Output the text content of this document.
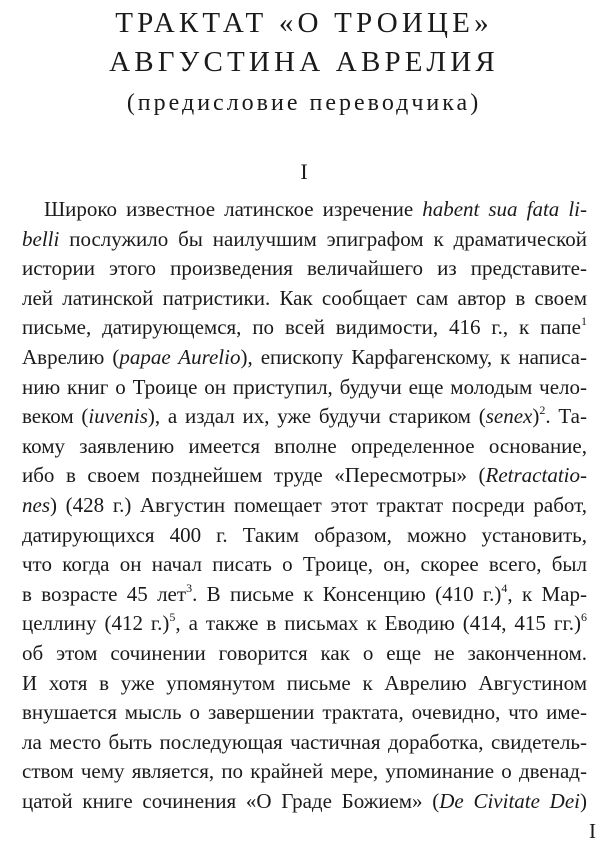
ТРАКТАТ «О ТРОИЦЕ»
АВГУСТИНА АВРЕЛИЯ
(предисловие переводчика)
I
Широко известное латинское изречение habent sua fata li-
belli послужило бы наилучшим эпиграфом к драматической
истории этого произведения величайшего из представите-
лей латинской патристики. Как сообщает сам автор в своем
письме, датирующемся, по всей видимости, 416 г., к папе$^1$
Аврелию (papae Aurelio), епископу Карфагенскому, к написа-
нию книг о Троице он приступил, будучи еще молодым чело-
веком (iuvenis), а издал их, уже будучи стариком (senex)$^2$. Та-
кому заявлению имеется вполне определенное основание,
ибо в своем позднейшем труде «Пересмотры» (Retractatio-
nes) (428 г.) Августин помещает этот трактат посреди работ,
датирующихся 400 г. Таким образом, можно установить,
что когда он начал писать о Троице, он, скорее всего, был
в возрасте 45 лет$^3$. В письме к Консенцию (410 г.)$^4$, к Мар-
целлину (412 г.)$^5$, а также в письмах к Еводию (414, 415 гг.)$^6$
об этом сочинении говорится как о еще не законченном.
И хотя в уже упомянутом письме к Аврелию Августином
внушается мысль о завершении трактата, очевидно, что име-
ла место быть последующая частичная доработка, свидетель-
ством чему является, по крайней мере, упоминание о двенад-
цатой книге сочинения «О Граде Божием» (De Civitate Dei)
I
